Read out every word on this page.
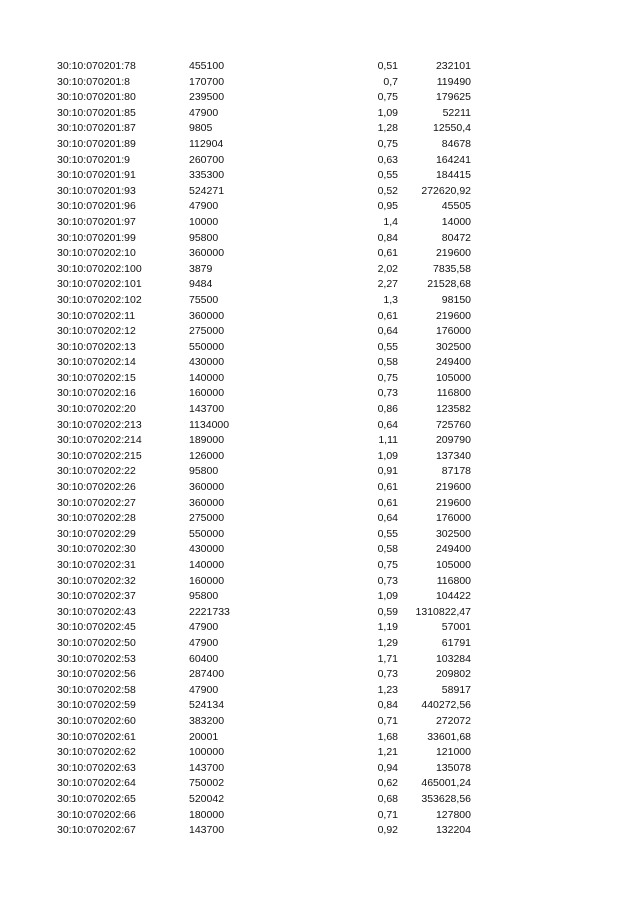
30:10:070201:78	455100	0,51	232101
30:10:070201:8	170700	0,7	119490
30:10:070201:80	239500	0,75	179625
30:10:070201:85	47900	1,09	52211
30:10:070201:87	9805	1,28	12550,4
30:10:070201:89	112904	0,75	84678
30:10:070201:9	260700	0,63	164241
30:10:070201:91	335300	0,55	184415
30:10:070201:93	524271	0,52	272620,92
30:10:070201:96	47900	0,95	45505
30:10:070201:97	10000	1,4	14000
30:10:070201:99	95800	0,84	80472
30:10:070202:10	360000	0,61	219600
30:10:070202:100	3879	2,02	7835,58
30:10:070202:101	9484	2,27	21528,68
30:10:070202:102	75500	1,3	98150
30:10:070202:11	360000	0,61	219600
30:10:070202:12	275000	0,64	176000
30:10:070202:13	550000	0,55	302500
30:10:070202:14	430000	0,58	249400
30:10:070202:15	140000	0,75	105000
30:10:070202:16	160000	0,73	116800
30:10:070202:20	143700	0,86	123582
30:10:070202:213	1134000	0,64	725760
30:10:070202:214	189000	1,11	209790
30:10:070202:215	126000	1,09	137340
30:10:070202:22	95800	0,91	87178
30:10:070202:26	360000	0,61	219600
30:10:070202:27	360000	0,61	219600
30:10:070202:28	275000	0,64	176000
30:10:070202:29	550000	0,55	302500
30:10:070202:30	430000	0,58	249400
30:10:070202:31	140000	0,75	105000
30:10:070202:32	160000	0,73	116800
30:10:070202:37	95800	1,09	104422
30:10:070202:43	2221733	0,59	1310822,47
30:10:070202:45	47900	1,19	57001
30:10:070202:50	47900	1,29	61791
30:10:070202:53	60400	1,71	103284
30:10:070202:56	287400	0,73	209802
30:10:070202:58	47900	1,23	58917
30:10:070202:59	524134	0,84	440272,56
30:10:070202:60	383200	0,71	272072
30:10:070202:61	20001	1,68	33601,68
30:10:070202:62	100000	1,21	121000
30:10:070202:63	143700	0,94	135078
30:10:070202:64	750002	0,62	465001,24
30:10:070202:65	520042	0,68	353628,56
30:10:070202:66	180000	0,71	127800
30:10:070202:67	143700	0,92	132204
